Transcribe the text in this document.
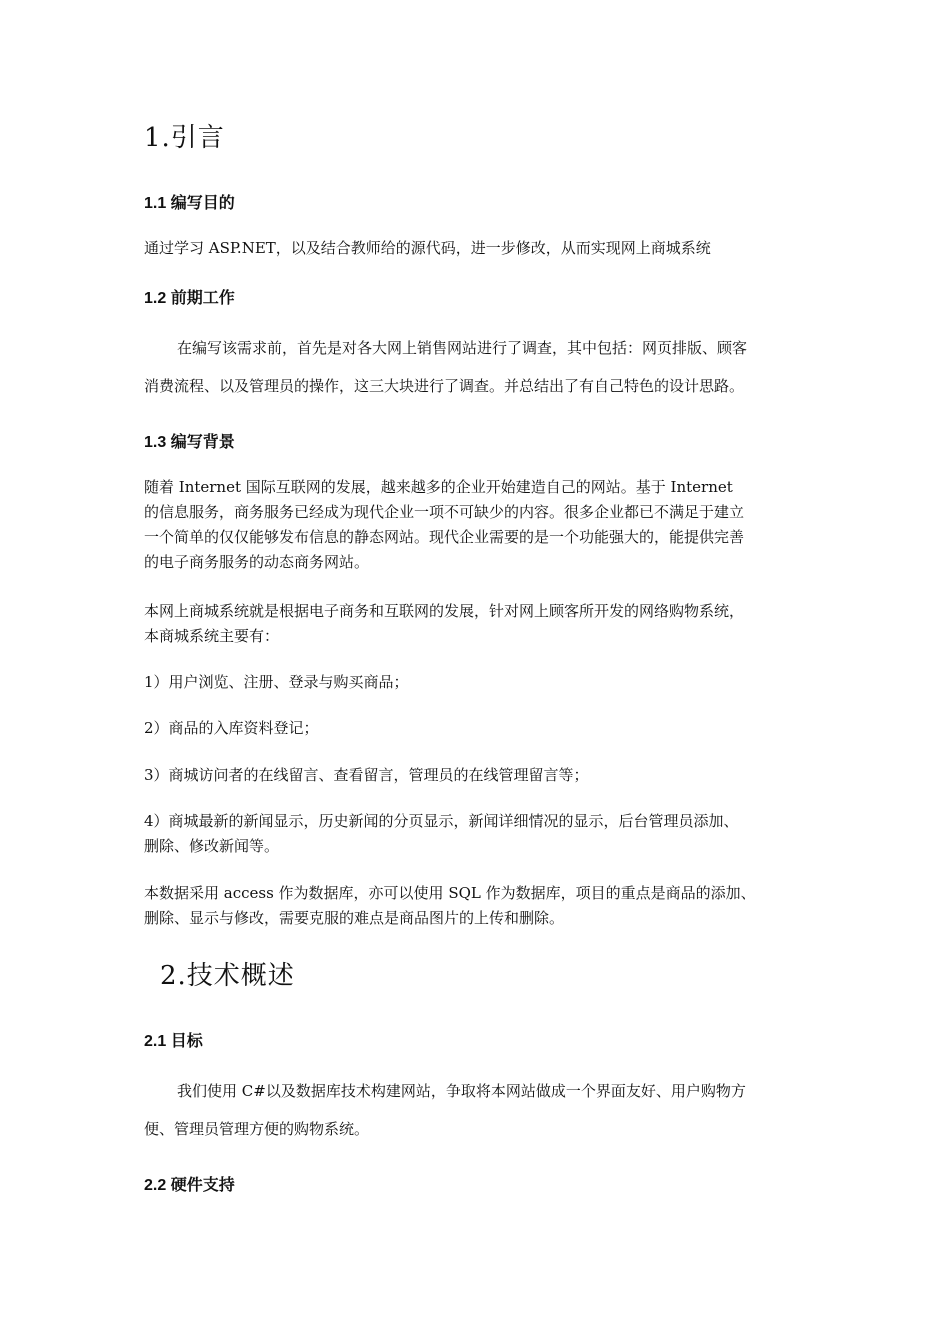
1.引言
1.1 编写目的
通过学习 ASP.NET，以及结合教师给的源代码，进一步修改，从而实现网上商城系统
1.2 前期工作
在编写该需求前，首先是对各大网上销售网站进行了调查，其中包括：网页排版、顾客
消费流程、以及管理员的操作，这三大块进行了调查。并总结出了有自己特色的设计思路。
1.3 编写背景
随着 Internet 国际互联网的发展，越来越多的企业开始建造自己的网站。基于 Internet
的信息服务，商务服务已经成为现代企业一项不可缺少的内容。很多企业都已不满足于建立
一个简单的仅仅能够发布信息的静态网站。现代企业需要的是一个功能强大的，能提供完善
的电子商务服务的动态商务网站。
本网上商城系统就是根据电子商务和互联网的发展，针对网上顾客所开发的网络购物系统，
本商城系统主要有：
1）用户浏览、注册、登录与购买商品；
2）商品的入库资料登记；
3）商城访问者的在线留言、查看留言，管理员的在线管理留言等；
4）商城最新的新闻显示，历史新闻的分页显示，新闻详细情况的显示，后台管理员添加、
删除、修改新闻等。
本数据采用 access 作为数据库，亦可以使用 SQL 作为数据库，项目的重点是商品的添加、
删除、显示与修改，需要克服的难点是商品图片的上传和删除。
2.技术概述
2.1 目标
我们使用 C#以及数据库技术构建网站，争取将本网站做成一个界面友好、用户购物方
便、管理员管理方便的购物系统。
2.2 硬件支持
